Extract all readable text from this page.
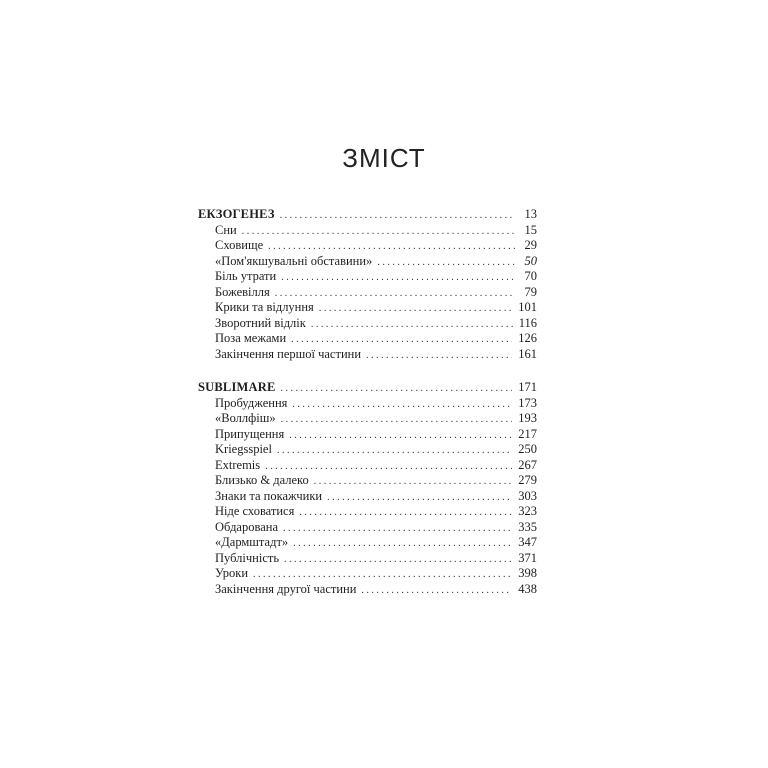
ЗМІСТ
ЕКЗОГЕНЕЗ . . .	13
Сни . . .	15
Сховище . . .	29
«Пом'якшувальні обставини» . . .	50
Біль утрати . . .	70
Божевілля . . .	79
Крики та відлуння . . .	101
Зворотний відлік . . .	116
Поза межами . . .	126
Закінчення першої частини . . .	161
SUBLIMARE . . .	171
Пробудження . . .	173
«Воллфіш» . . .	193
Припущення . . .	217
Kriegsspiel . . .	250
Extremis . . .	267
Близько & далеко . . .	279
Знаки та покажчики . . .	303
Ніде сховатися . . .	323
Обдарована . . .	335
«Дармштадт» . . .	347
Публічність . . .	371
Уроки . . .	398
Закінчення другої частини . . .	438
